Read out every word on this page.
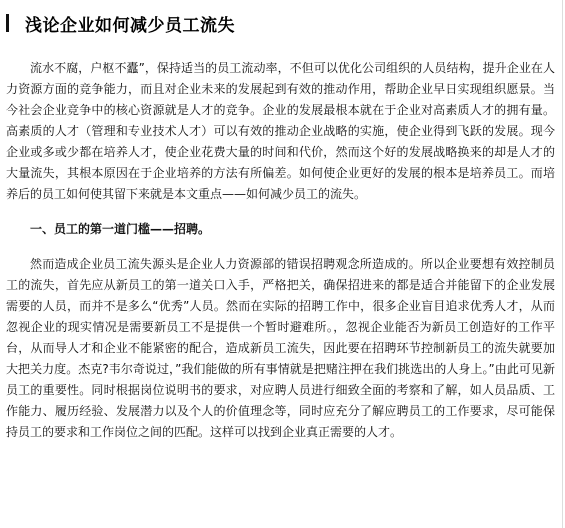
浅论企业如何减少员工流失

流水不腐，户枢不蠹”，保持适当的员工流动率，不但可以优化公司组织的人员结构，提升企业在人力资源方面的竞争能力，而且对企业未来的发展起到有效的推动作用，帮助企业早日实现组织愿景。当今社会企业竞争中的核心资源就是人才的竞争。企业的发展最根本就在于企业对高素质人才的拥有量。高素质的人才（管理和专业技术人才）可以有效的推动企业战略的实施，使企业得到飞跃的发展。现今企业或多或少都在培养人才，使企业花费大量的时间和代价，然而这个好的发展战略换来的却是人才的大量流失，其根本原因在于企业培养的方法有所偏差。如何使企业更好的发展的根本是培养员工。而培养后的员工如何使其留下来就是本文重点——如何减少员工的流失。

一、员工的第一道门槛——招聘。

然而造成企业员工流失源头是企业人力资源部的错误招聘观念所造成的。所以企业要想有效控制员工的流失，首先应从新员工的第一道关口入手，严格把关，确保招进来的都是适合并能留下的企业发展需要的人员，而并不是多么“优秀”人员。然而在实际的招聘工作中，很多企业盲目追求优秀人才，从而忽视企业的现实情况是需要新员工不是提供一个暂时避难所。，忽视企业能否为新员工创造好的工作平台，从而导人才和企业不能紧密的配合，造成新员工流失，因此要在招聘环节控制新员工的流失就要加大把关力度。杰克?韦尔奇说过，”我们能做的所有事情就是把赌注押在我们挑选出的人身上。”由此可见新员工的重要性。同时根据岗位说明书的要求，对应聘人员进行细致全面的考察和了解，如人员品质、工作能力、履历经验、发展潜力以及个人的价值理念等，同时应充分了解应聘员工的工作要求，尽可能保持员工的要求和工作岗位之间的匹配。这样可以找到企业真正需要的人才。
